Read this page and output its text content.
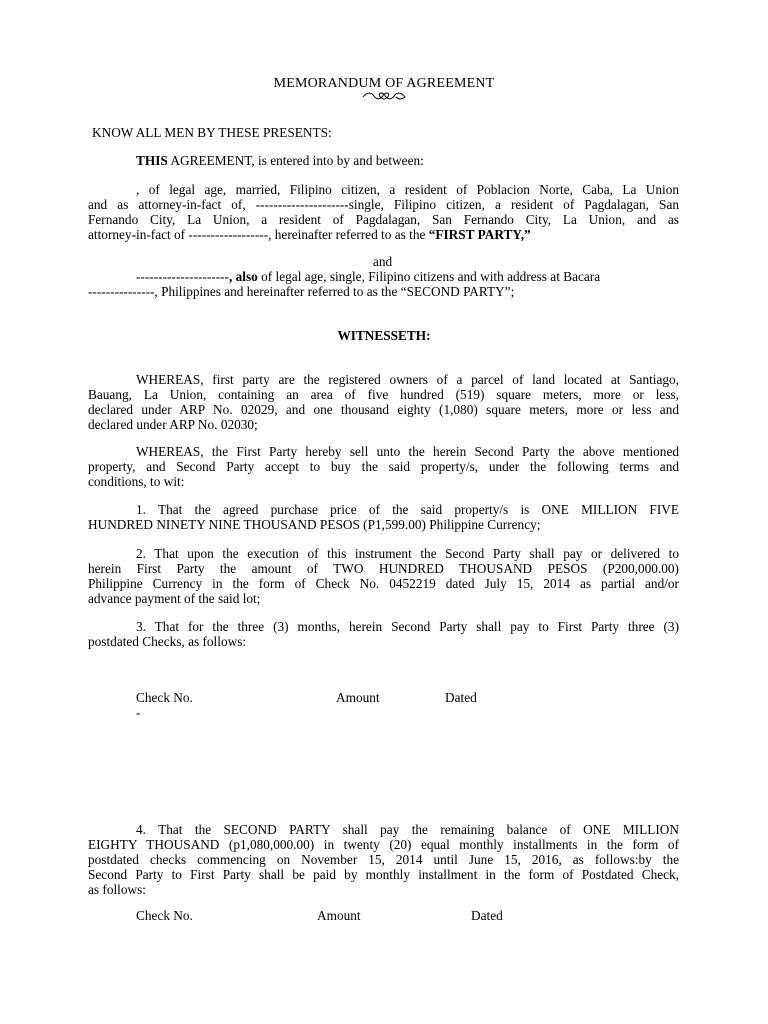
MEMORANDUM OF AGREEMENT
KNOW ALL MEN BY THESE PRESENTS:
THIS AGREEMENT, is entered into by and between:
, of legal age, married, Filipino citizen, a resident of Poblacion Norte, Caba, La Union
and as attorney-in-fact of, ---------------------single, Filipino citizen, a resident of Pagdalagan, San
Fernando City, La Union, a resident of Pagdalagan, San Fernando City, La Union, and as
attorney-in-fact of ------------------, hereinafter referred to as the “FIRST PARTY,”
and
---------------------, also of legal age, single, Filipino citizens and with address at Bacara
---------------, Philippines and hereinafter referred to as the “SECOND PARTY”;
WITNESSETH:
WHEREAS, first party are the registered owners of a parcel of land located at Santiago,
Bauang, La Union, containing an area of five hundred (519) square meters, more or less,
declared under ARP No. 02029, and one thousand eighty (1,080) square meters, more or less and
declared under ARP No. 02030;
WHEREAS, the First Party hereby sell unto the herein Second Party the above mentioned
property, and Second Party accept to buy the said property/s, under the following terms and
conditions, to wit:
1. That the agreed purchase price of the said property/s is ONE MILLION FIVE
HUNDRED NINETY NINE THOUSAND PESOS (P1,599.00) Philippine Currency;
2. That upon the execution of this instrument the Second Party shall pay or delivered to
herein First Party the amount of TWO HUNDRED THOUSAND PESOS (P200,000.00)
Philippine Currency in the form of Check No. 0452219 dated July 15, 2014 as partial and/or
advance payment of the said lot;
3. That for the three (3) months, herein Second Party shall pay to First Party three (3)
postdated Checks, as follows:
Check No.	Amount	Dated
-
4. That the SECOND PARTY shall pay the remaining balance of ONE MILLION
EIGHTY THOUSAND (p1,080,000.00) in twenty (20) equal monthly installments in the form of
postdated checks commencing on November 15, 2014 until June 15, 2016, as follows:by the
Second Party to First Party shall be paid by monthly installment in the form of Postdated Check,
as follows:
Check No.	Amount	Dated
